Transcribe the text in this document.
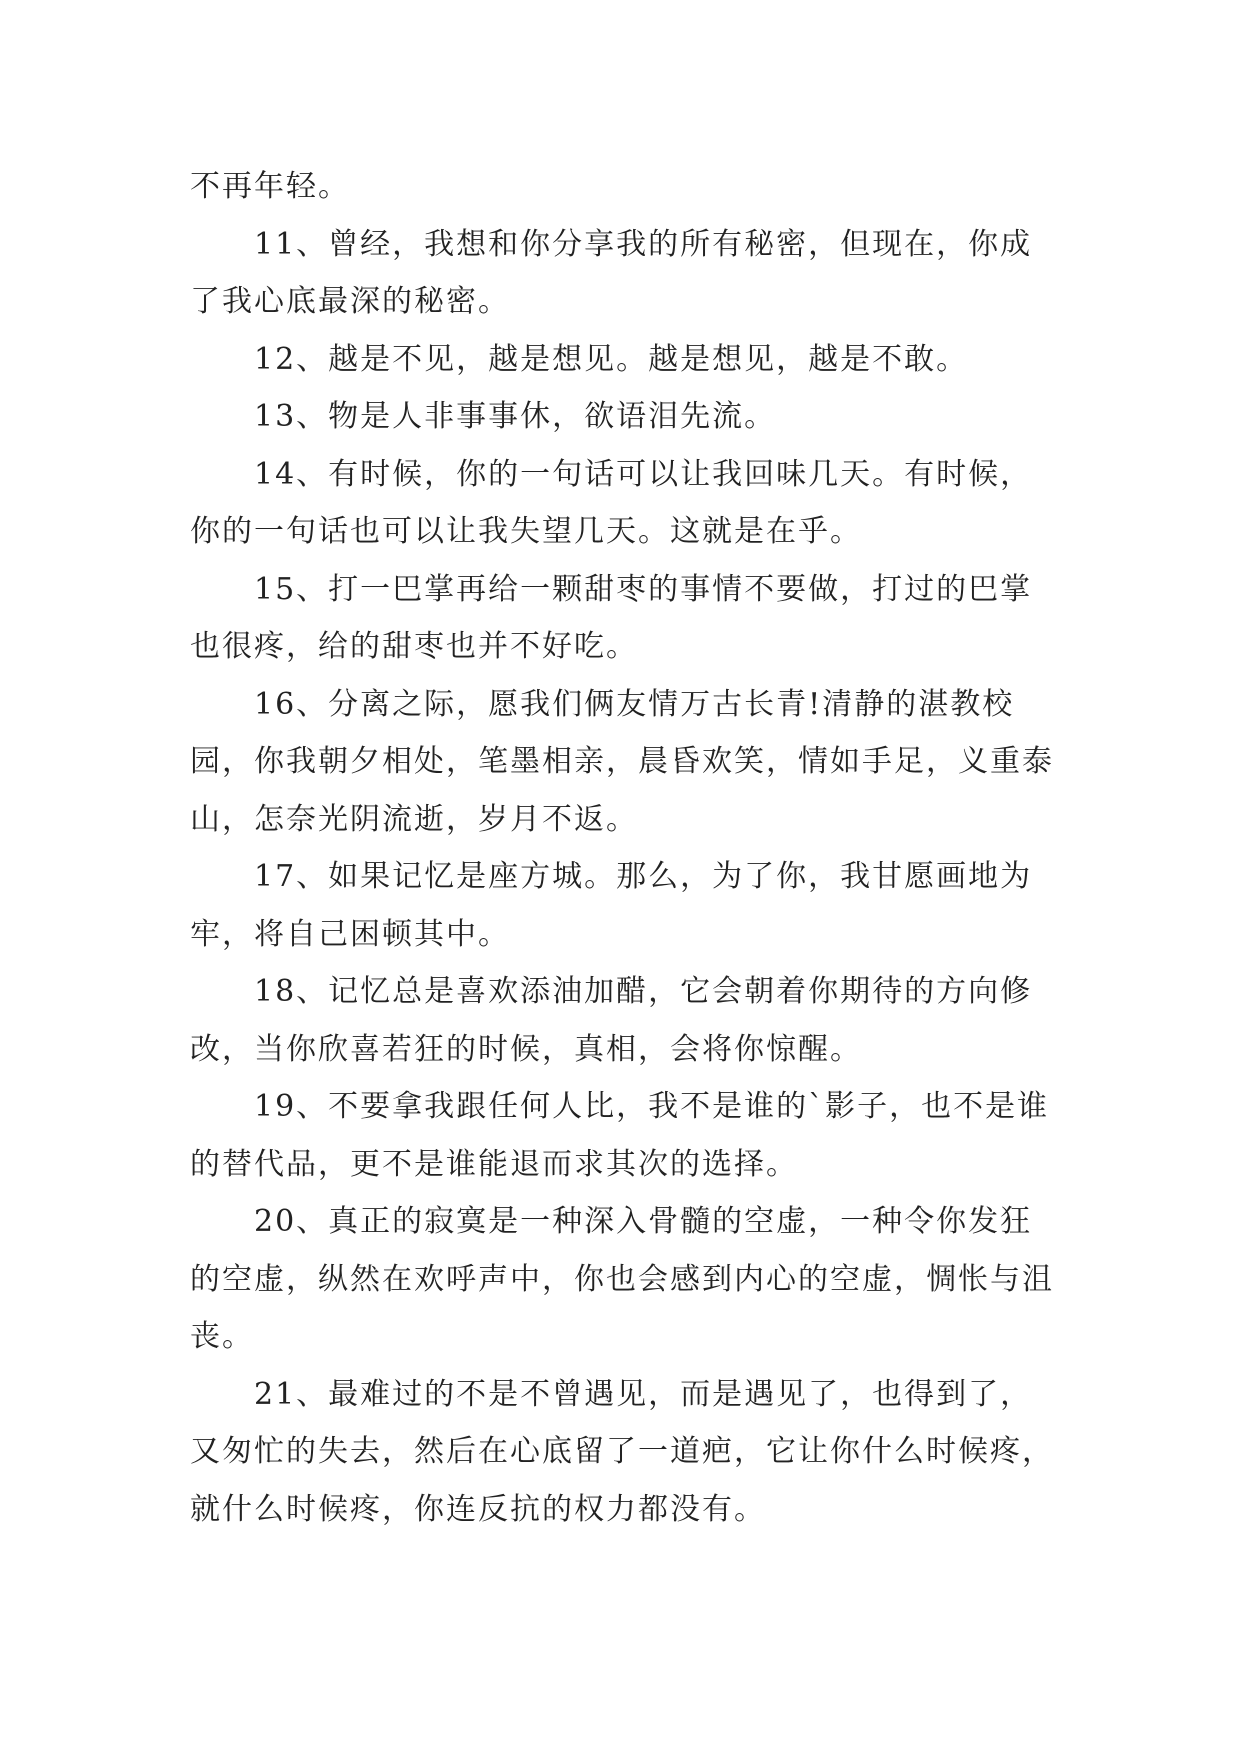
不再年轻。

11、曾经，我想和你分享我的所有秘密，但现在，你成了我心底最深的秘密。

12、越是不见，越是想见。越是想见，越是不敢。

13、物是人非事事休，欲语泪先流。

14、有时候，你的一句话可以让我回味几天。有时候，你的一句话也可以让我失望几天。这就是在乎。

15、打一巴掌再给一颗甜枣的事情不要做，打过的巴掌也很疼，给的甜枣也并不好吃。

16、分离之际，愿我们俩友情万古长青!清静的湛教校园，你我朝夕相处，笔墨相亲，晨昏欢笑，情如手足，义重泰山，怎奈光阴流逝，岁月不返。

17、如果记忆是座方城。那么，为了你，我甘愿画地为牢，将自己困顿其中。

18、记忆总是喜欢添油加醋，它会朝着你期待的方向修改，当你欣喜若狂的时候，真相，会将你惊醒。

19、不要拿我跟任何人比，我不是谁的`影子，也不是谁的替代品，更不是谁能退而求其次的选择。

20、真正的寂寞是一种深入骨髓的空虚，一种令你发狂的空虚，纵然在欢呼声中，你也会感到内心的空虚，惆怅与沮丧。

21、最难过的不是不曾遇见，而是遇见了，也得到了，又匆忙的失去，然后在心底留了一道疤，它让你什么时候疼，就什么时候疼，你连反抗的权力都没有。
